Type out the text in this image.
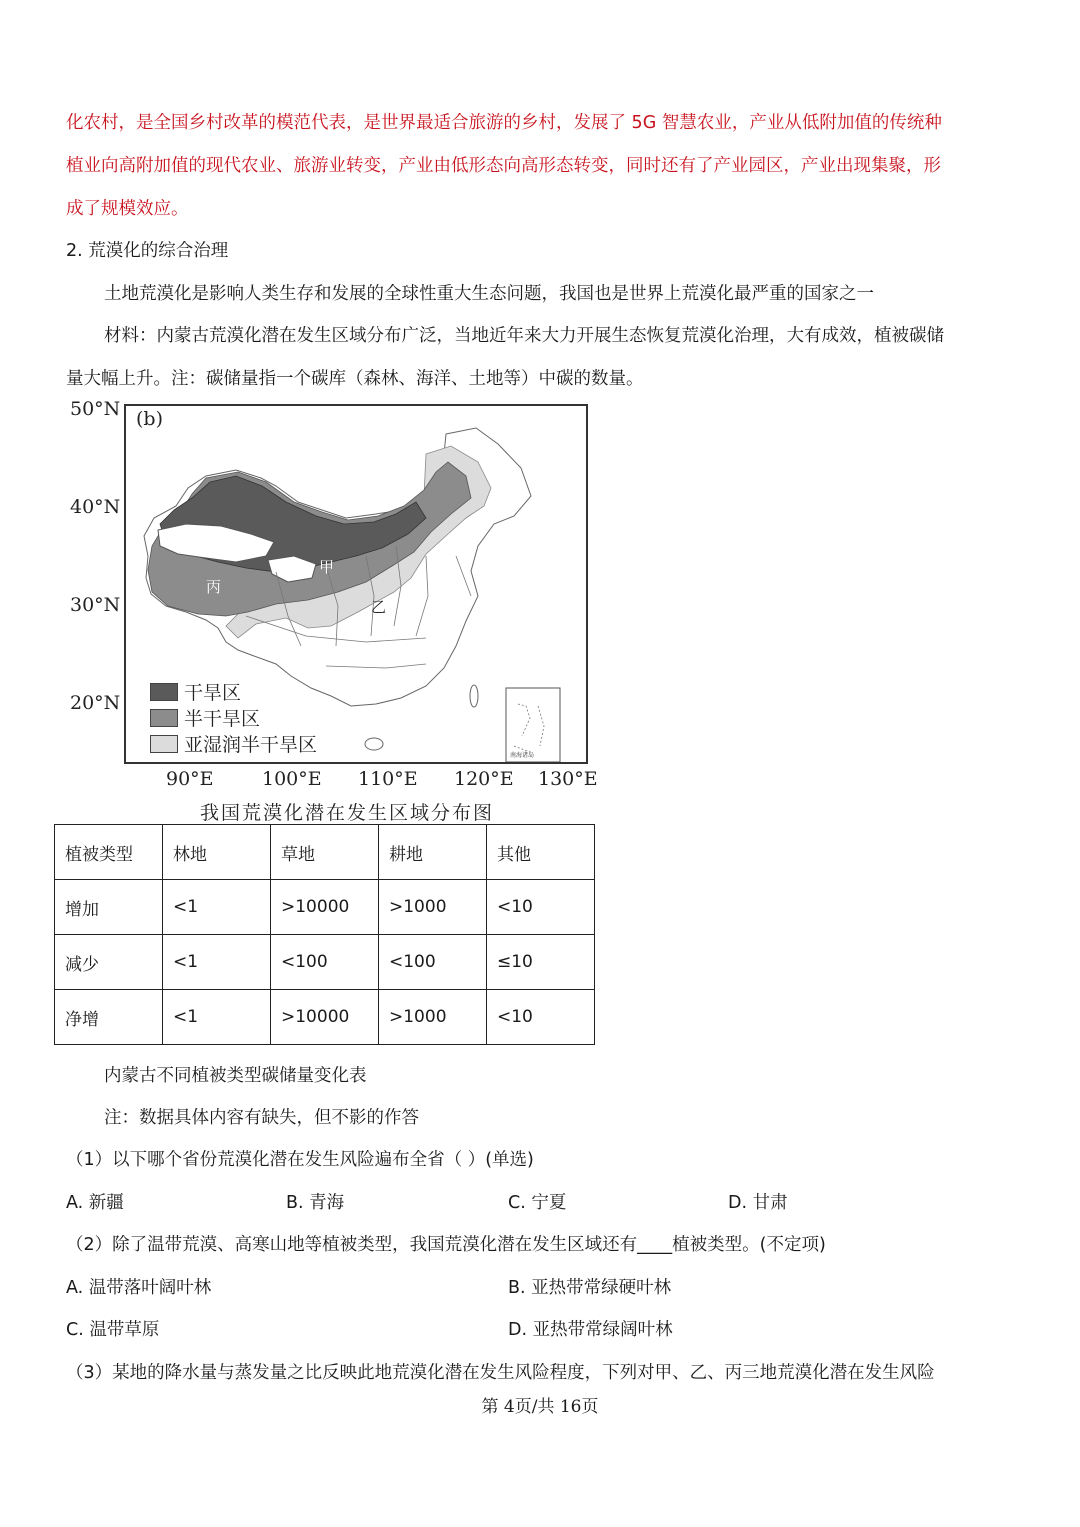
化农村，是全国乡村改革的模范代表，是世界最适合旅游的乡村，发展了 5G 智慧农业，产业从低附加值的传统种
植业向高附加值的现代农业、旅游业转变，产业由低形态向高形态转变，同时还有了产业园区，产业出现集聚，形
成了规模效应。
2. 荒漠化的综合治理
土地荒漠化是影响人类生存和发展的全球性重大生态问题，我国也是世界上荒漠化最严重的国家之一
材料：内蒙古荒漠化潜在发生区域分布广泛，当地近年来大力开展生态恢复荒漠化治理，大有成效，植被碳储
量大幅上升。注：碳储量指一个碳库（森林、海洋、土地等）中碳的数量。
50°N
40°N
30°N
20°N
(b)
甲
乙
丙
南海诸岛
干旱区
半干旱区
亚湿润半干旱区
90°E	100°E 110°E 120°E 130°E
我国荒漠化潜在发生区域分布图
植被类型	林地	草地	耕地	其他
增加	<1	>10000	>1000	<10
减少	<1	<100	<100	≤10
净增	<1	>10000	>1000	<10
内蒙古不同植被类型碳储量变化表
注：数据具体内容有缺失，但不影的作答
（1）以下哪个省份荒漠化潜在发生风险遍布全省（ ）(单选)
A. 新疆	B. 青海	C. 宁夏	D. 甘肃
（2）除了温带荒漠、高寒山地等植被类型，我国荒漠化潜在发生区域还有____植被类型。(不定项)
A. 温带落叶阔叶林	B. 亚热带常绿硬叶林
C. 温带草原	D. 亚热带常绿阔叶林
（3）某地的降水量与蒸发量之比反映此地荒漠化潜在发生风险程度，下列对甲、乙、丙三地荒漠化潜在发生风险
第 4页/共 16页
